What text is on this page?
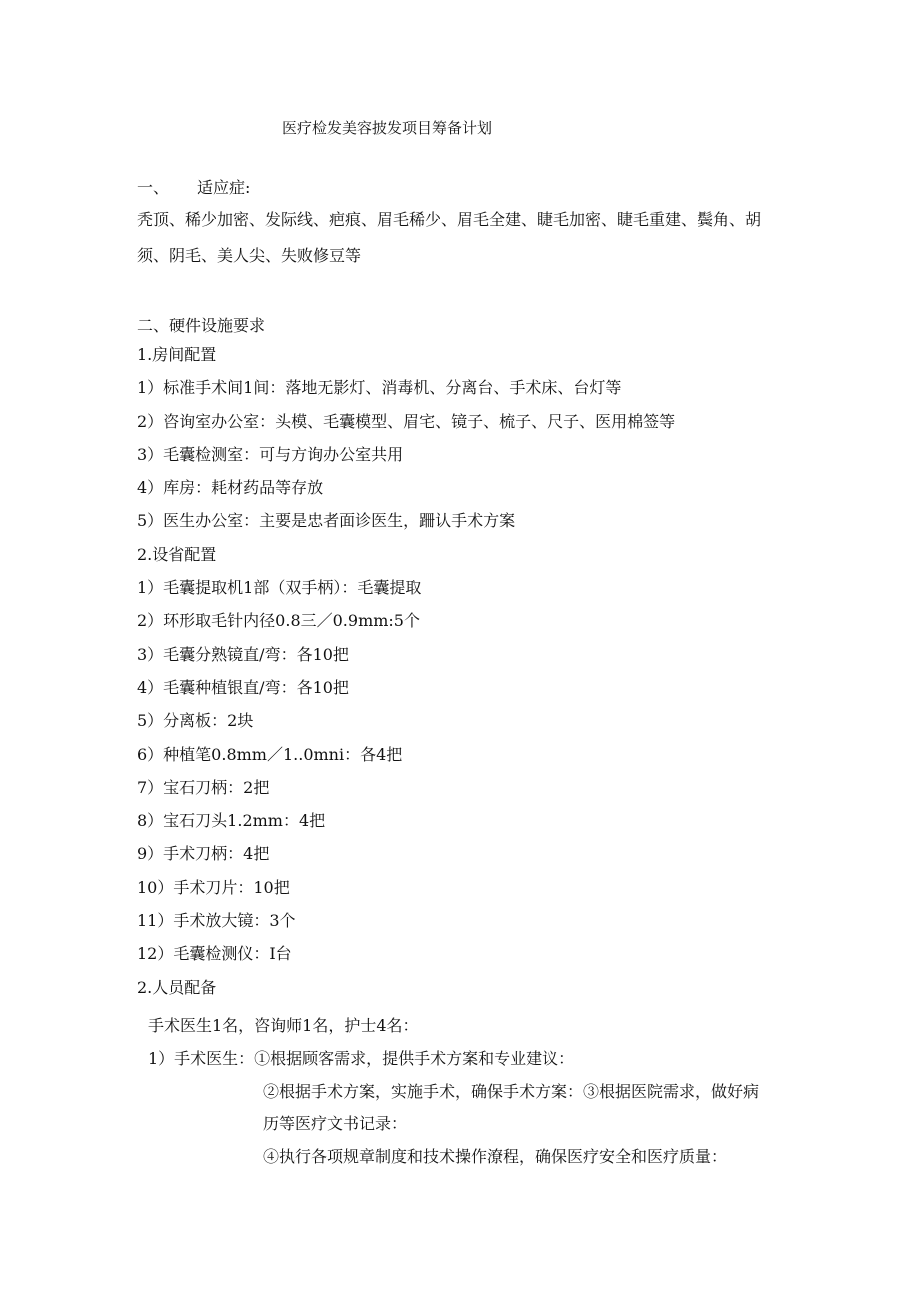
医疗检发美容披发项目筹备计划
一、 适应症:
秃顶、稀少加密、发际线、疤痕、眉毛稀少、眉毛全建、睫毛加密、睫毛重建、鬓角、胡
须、阴毛、美人尖、失败修豆等
二、硬件设施要求
1.房间配置
1）标准手术间1间：落地无影灯、消毒机、分离台、手术床、台灯等
2）咨询室办公室：头模、毛囊模型、眉宅、镜子、梳子、尺子、医用棉签等
3）毛囊检测室：可与方询办公室共用
4）库房：耗材药品等存放
5）医生办公室：主要是忠者面诊医生，跚认手术方案
2.设省配置
1）毛囊提取机1部（双手柄）：毛囊提取
2）环形取毛针内径0.8三／0.9mm:5个
3）毛囊分熟镜直/弯：各10把
4）毛囊种植银直/弯：各10把
5）分离板：2块
6）种植笔0.8mm／1..0mni：各4把
7）宝石刀柄：2把
8）宝石刀头1.2mm：4把
9）手术刀柄：4把
10）手术刀片：10把
11）手术放大镜：3个
12）毛囊检测仪：I台
2.人员配备
手术医生1名，咨询师1名，护士4名：
1）手术医生：①根据顾客需求，提供手术方案和专业建议：
②根据手术方案，实施手术，确保手术方案：③根据医院需求，做好病
历等医疗文书记录：
④执行各项规章制度和技术操作潦程，确保医疗安全和医疗质量：
